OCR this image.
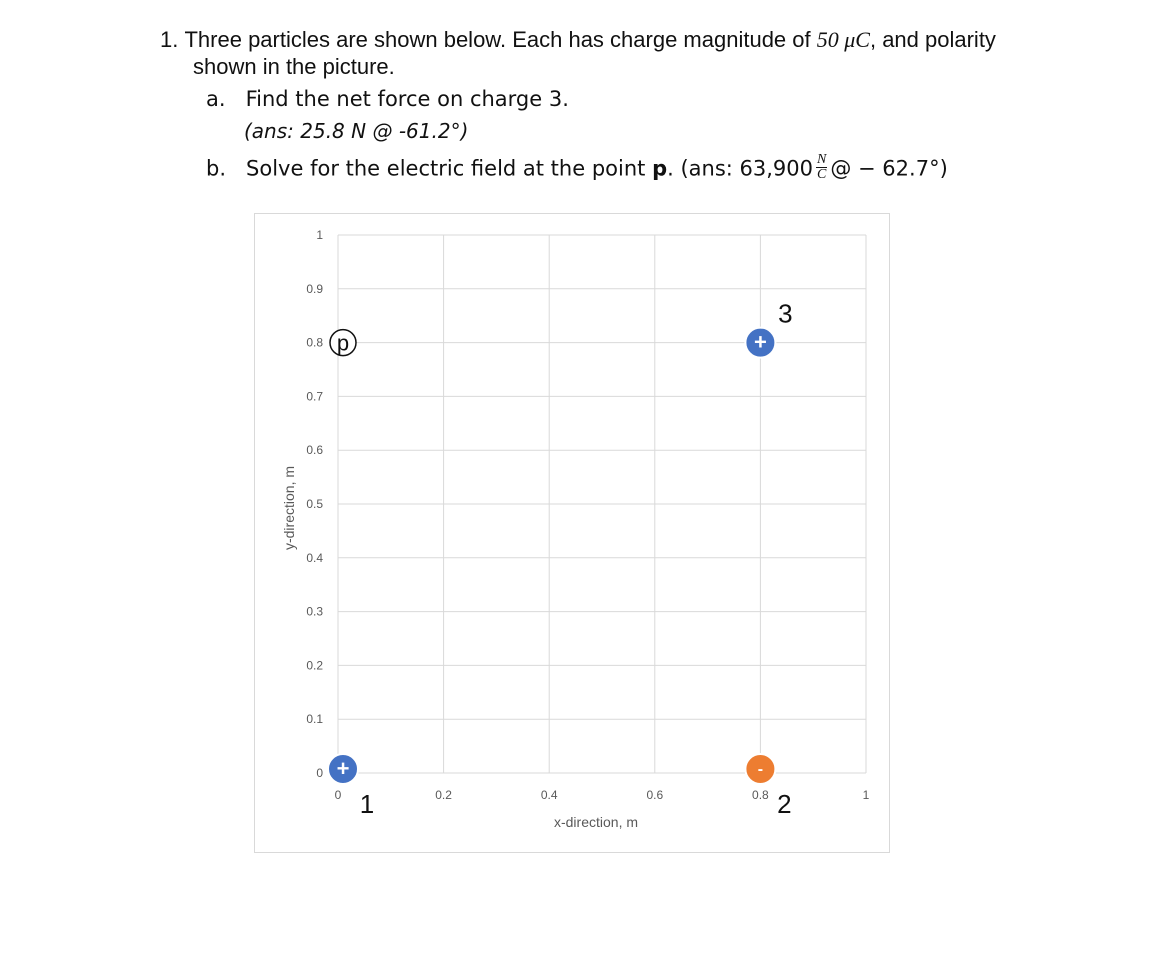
1. Three particles are shown below. Each has charge magnitude of 50 μC, and polarity
shown in the picture.
a. Find the net force on charge 3.
(ans: 25.8 N @ -61.2°)
b. Solve for the electric field at the point p. (ans: $63,900 \frac{N}{C}$ @ − 62.7°)
0
0.1
0.2
0.3
0.4
0.5
0.6
0.7
0.8
0.9
1
0	0.2	0.4	0.6	0.8	1
x-direction, m
y-direction, m
p
+
1
-
2
+
3
